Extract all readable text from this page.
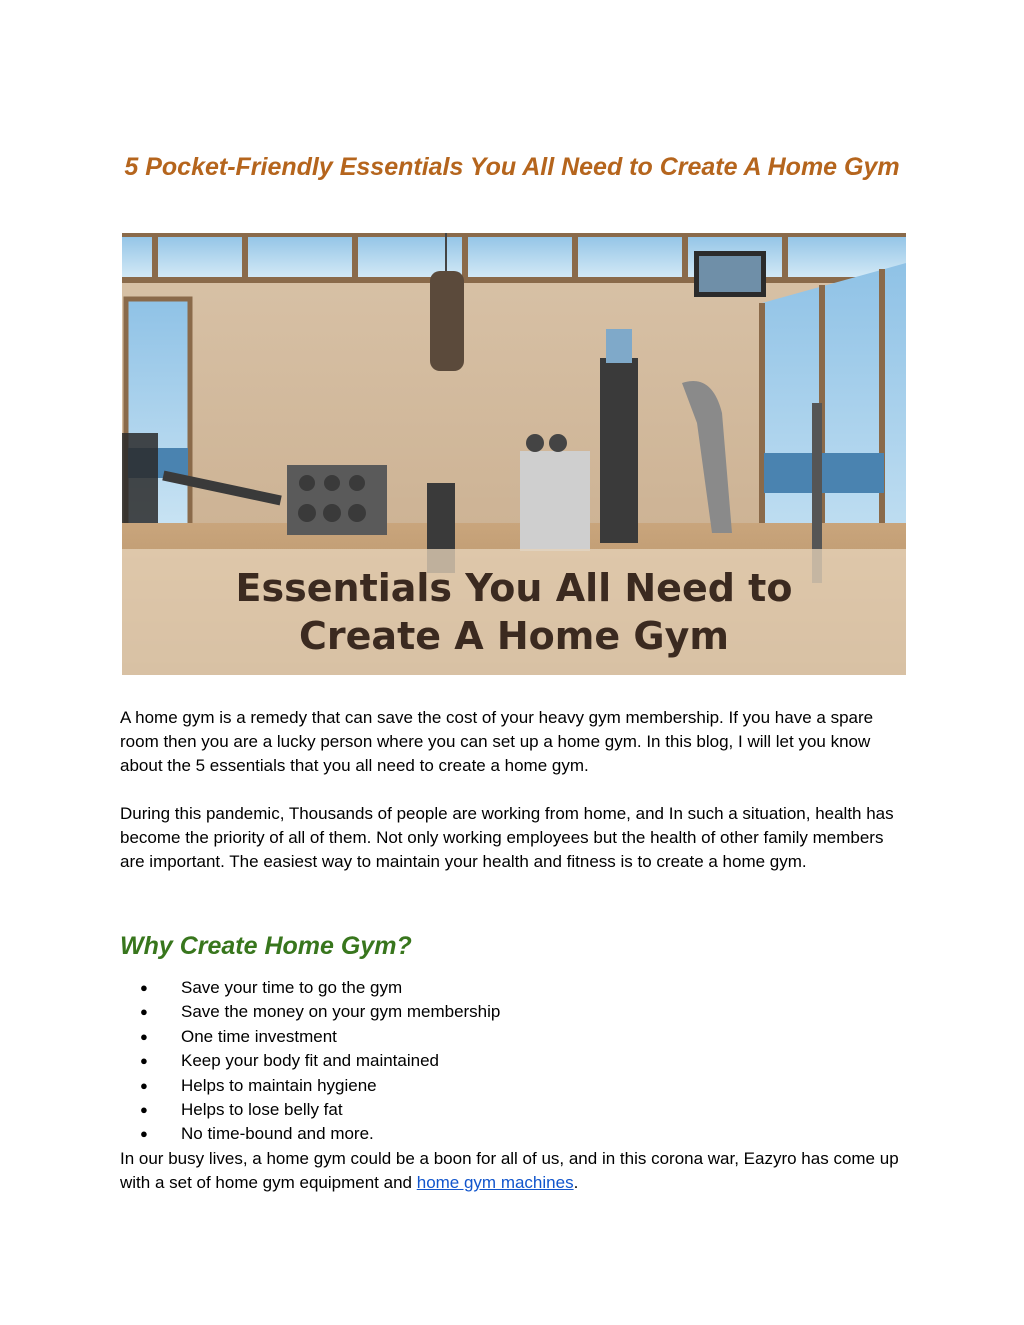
5 Pocket-Friendly Essentials You All Need to Create A Home Gym
Essentials You All Need to
Create A Home Gym

A home gym is a remedy that can save the cost of your heavy gym membership. If you have a spare room then you are a lucky person where you can set up a home gym. In this blog, I will let you know about the 5 essentials that you all need to create a home gym.

During this pandemic, Thousands of people are working from home, and In such a situation, health has become the priority of all of them. Not only working employees but the health of other family members are important. The easiest way to maintain your health and fitness is to create a home gym.

Why Create Home Gym?
● Save your time to go the gym
● Save the money on your gym membership
● One time investment
● Keep your body fit and maintained
● Helps to maintain hygiene
● Helps to lose belly fat
● No time-bound and more.

In our busy lives, a home gym could be a boon for all of us, and in this corona war, Eazyro has come up with a set of home gym equipment and home gym machines.
